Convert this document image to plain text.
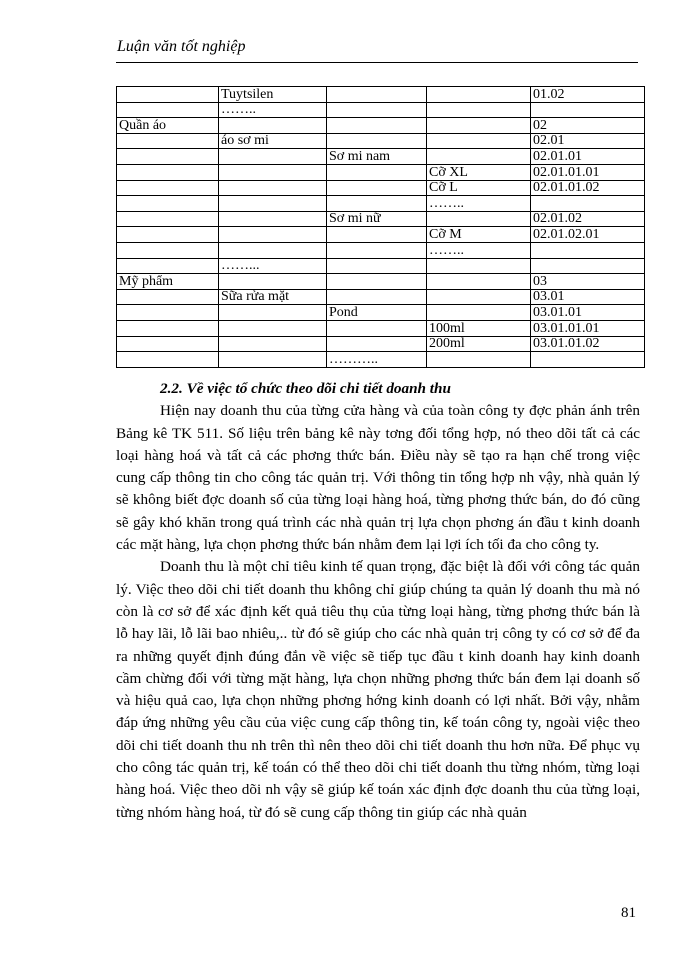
Luận văn tốt nghiệp
	Tuytsilen			01.02
	……..			
Quần áo				02
	áo sơ mi			02.01
		Sơ mi nam		02.01.01
			Cỡ XL	02.01.01.01
			Cỡ L	02.01.01.02
			……..	
		Sơ mi nữ		02.01.02
			Cỡ M	02.01.02.01
			……..	
	……...			
Mỹ phẩm				03
	Sữa rửa mặt			03.01
		Pond		03.01.01
			100ml	03.01.01.01
			200ml	03.01.01.02
		………..		
2.2. Về việc tổ chức theo dõi chi tiết doanh thu

Hiện nay doanh thu của từng cửa hàng và của toàn công ty đợc phản ánh trên Bảng kê TK 511. Số liệu trên bảng kê này tơng đối tổng hợp, nó theo dõi tất cả các loại hàng hoá và tất cả các phơng thức bán. Điều này sẽ tạo ra hạn chế trong việc cung cấp thông tin cho công tác quản trị. Với thông tin tổng hợp nh vậy, nhà quản lý sẽ không biết đợc doanh số của từng loại hàng hoá, từng phơng thức bán, do đó cũng sẽ gây khó khăn trong quá trình các nhà quản trị lựa chọn phơng án đầu t kinh doanh các mặt hàng, lựa chọn phơng thức bán nhằm đem lại lợi ích tối đa cho công ty.

Doanh thu là một chỉ tiêu kinh tế quan trọng, đặc biệt là đối với công tác quản lý. Việc theo dõi chi tiết doanh thu không chỉ giúp chúng ta quản lý doanh thu mà nó còn là cơ sở để xác định kết quả tiêu thụ của từng loại hàng, từng phơng thức bán là lỗ hay lãi, lỗ lãi bao nhiêu,.. từ đó sẽ giúp cho các nhà quản trị công ty có cơ sở để đa ra những quyết định đúng đắn về việc sẽ tiếp tục đầu t kinh doanh hay kinh doanh cầm chừng đối với từng mặt hàng, lựa chọn những phơng thức bán đem lại doanh số và hiệu quả cao, lựa chọn những phơng hớng kinh doanh có lợi nhất. Bởi vậy, nhằm đáp ứng những yêu cầu của việc cung cấp thông tin, kế toán công ty, ngoài việc theo dõi chi tiết doanh thu nh trên thì nên theo dõi chi tiết doanh thu hơn nữa. Để phục vụ cho công tác quản trị, kế toán có thể theo dõi chi tiết doanh thu từng nhóm, từng loại hàng hoá. Việc theo dõi nh vậy sẽ giúp kế toán xác định đợc doanh thu của từng loại, từng nhóm hàng hoá, từ đó sẽ cung cấp thông tin giúp các nhà quản

81
